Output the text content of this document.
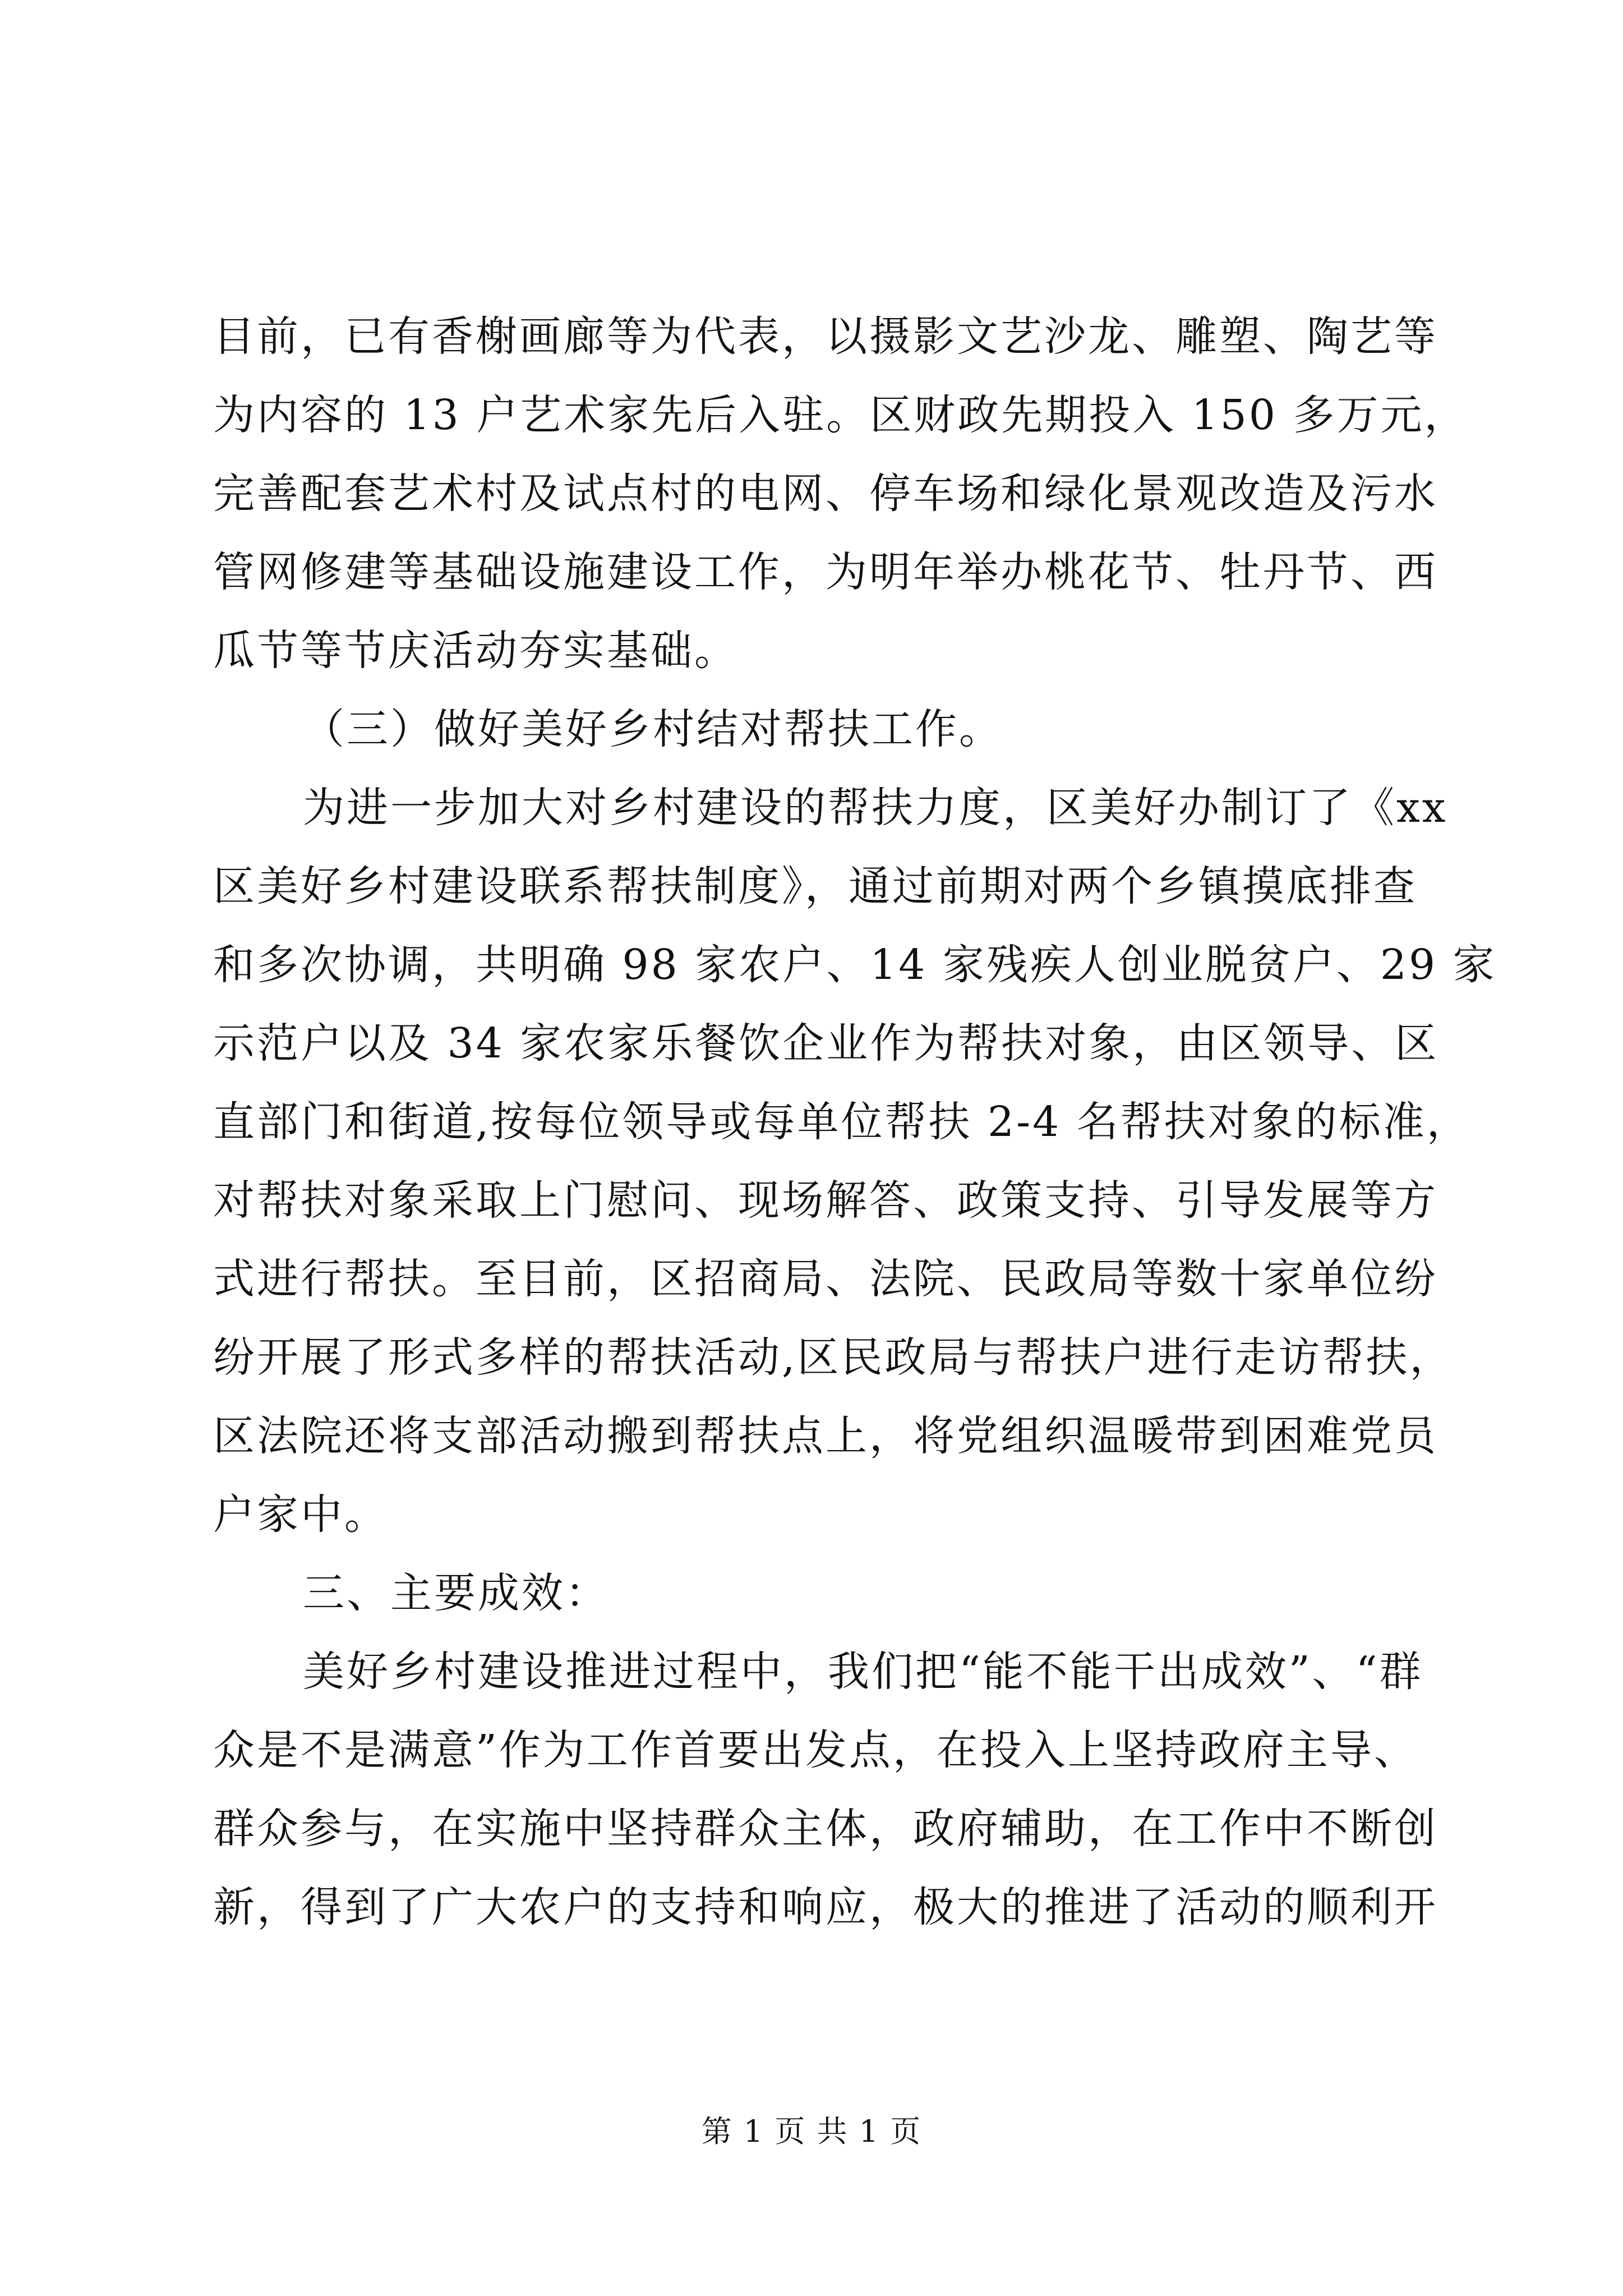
目前，已有香榭画廊等为代表，以摄影文艺沙龙、雕塑、陶艺等
为内容的 13 户艺术家先后入驻。区财政先期投入 150 多万元，
完善配套艺术村及试点村的电网、停车场和绿化景观改造及污水
管网修建等基础设施建设工作，为明年举办桃花节、牡丹节、西
瓜节等节庆活动夯实基础。
（三）做好美好乡村结对帮扶工作。
为进一步加大对乡村建设的帮扶力度，区美好办制订了《xx
区美好乡村建设联系帮扶制度》，通过前期对两个乡镇摸底排查
和多次协调，共明确 98 家农户、14 家残疾人创业脱贫户、29 家
示范户以及 34 家农家乐餐饮企业作为帮扶对象，由区领导、区
直部门和街道,按每位领导或每单位帮扶 2-4 名帮扶对象的标准，
对帮扶对象采取上门慰问、现场解答、政策支持、引导发展等方
式进行帮扶。至目前，区招商局、法院、民政局等数十家单位纷
纷开展了形式多样的帮扶活动,区民政局与帮扶户进行走访帮扶，
区法院还将支部活动搬到帮扶点上，将党组织温暖带到困难党员
户家中。
三、主要成效：
美好乡村建设推进过程中，我们把“能不能干出成效”、“群
众是不是满意”作为工作首要出发点，在投入上坚持政府主导、
群众参与，在实施中坚持群众主体，政府辅助，在工作中不断创
新，得到了广大农户的支持和响应，极大的推进了活动的顺利开
第 1 页 共 1 页
